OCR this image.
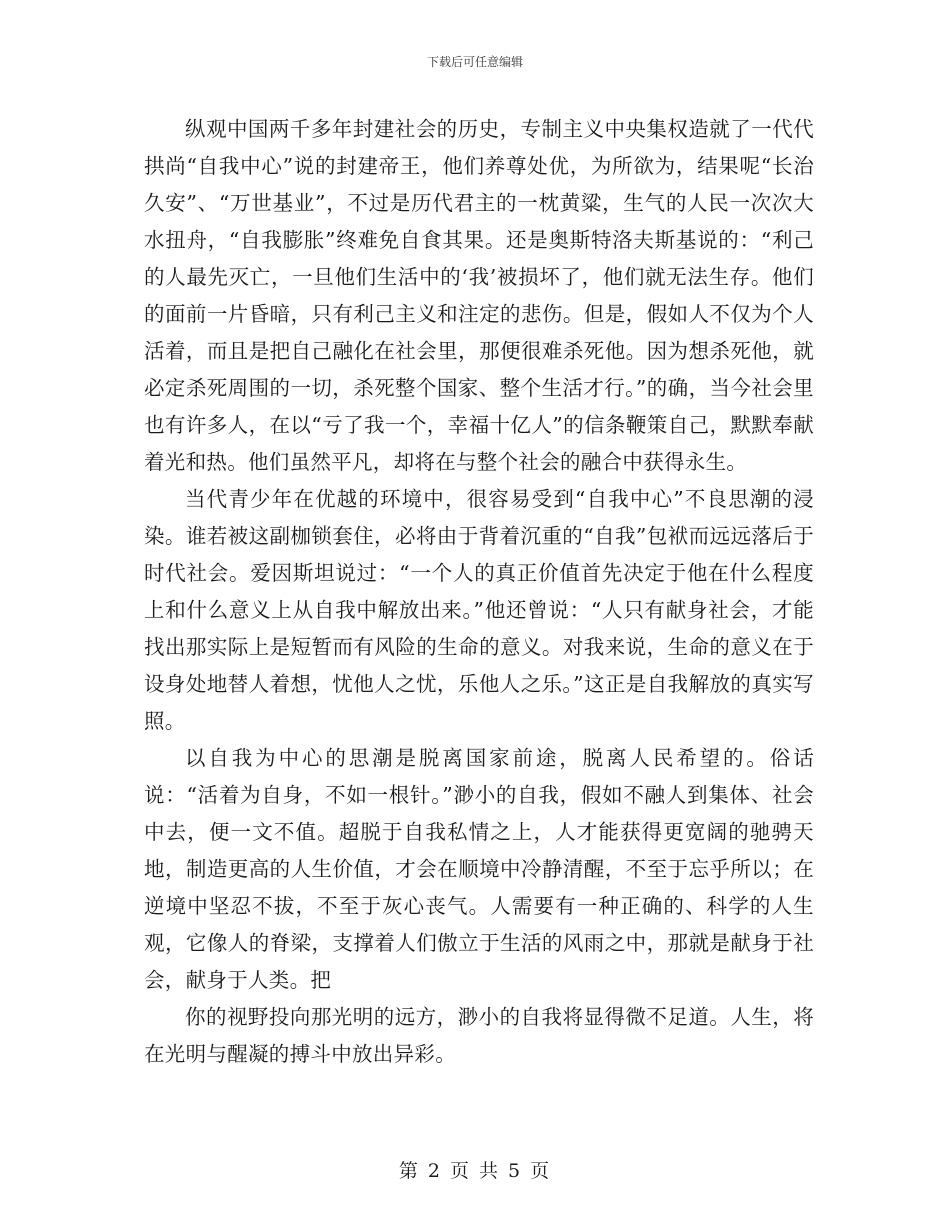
下载后可任意编辑

纵观中国两千多年封建社会的历史，专制主义中央集权造就了一代代拱尚“自我中心”说的封建帝王，他们养尊处优，为所欲为，结果呢“长治久安”、“万世基业”，不过是历代君主的一枕黄粱，生气的人民一次次大水扭舟，“自我膨胀”终难免自食其果。还是奥斯特洛夫斯基说的：“利己的人最先灭亡，一旦他们生活中的‘我’被损坏了，他们就无法生存。他们的面前一片昏暗，只有利己主义和注定的悲伤。但是，假如人不仅为个人活着，而且是把自己融化在社会里，那便很难杀死他。因为想杀死他，就必定杀死周围的一切，杀死整个国家、整个生活才行。”的确，当今社会里也有许多人，在以“亏了我一个，幸福十亿人”的信条鞭策自己，默默奉献着光和热。他们虽然平凡，却将在与整个社会的融合中获得永生。

当代青少年在优越的环境中，很容易受到“自我中心”不良思潮的浸染。谁若被这副枷锁套住，必将由于背着沉重的“自我”包袱而远远落后于时代社会。爱因斯坦说过：“一个人的真正价值首先决定于他在什么程度上和什么意义上从自我中解放出来。”他还曾说：“人只有献身社会，才能找出那实际上是短暂而有风险的生命的意义。对我来说，生命的意义在于设身处地替人着想，忧他人之忧，乐他人之乐。”这正是自我解放的真实写照。

以自我为中心的思潮是脱离国家前途，脱离人民希望的。俗话说：“活着为自身，不如一根针。”渺小的自我，假如不融人到集体、社会中去，便一文不值。超脱于自我私情之上，人才能获得更宽阔的驰骋天地，制造更高的人生价值，才会在顺境中冷静清醒，不至于忘乎所以；在逆境中坚忍不拔，不至于灰心丧气。人需要有一种正确的、科学的人生观，它像人的脊梁，支撑着人们傲立于生活的风雨之中，那就是献身于社会，献身于人类。把

你的视野投向那光明的远方，渺小的自我将显得微不足道。人生，将在光明与醒凝的搏斗中放出异彩。

第 2 页 共 5 页
